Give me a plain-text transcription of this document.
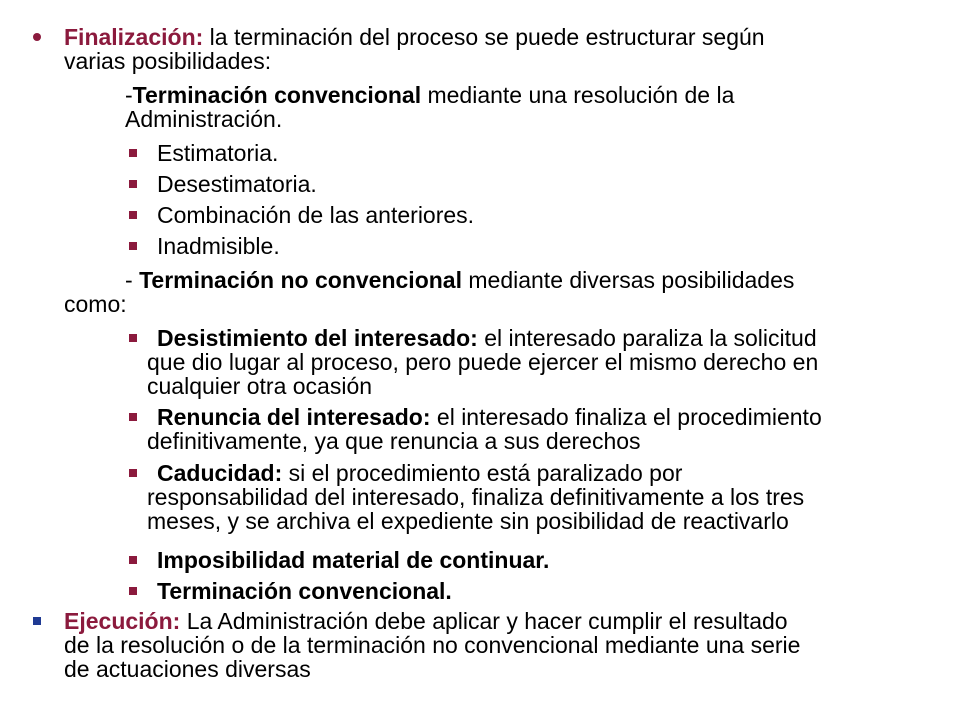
Finalización: la terminación del proceso se puede estructurar según
varias posibilidades:
-Terminación convencional mediante una resolución de la
Administración.
Estimatoria.
Desestimatoria.
Combinación de las anteriores.
Inadmisible.
- Terminación no convencional mediante diversas posibilidades
como:
Desistimiento del interesado: el interesado paraliza la solicitud
que dio lugar al proceso, pero puede ejercer el mismo derecho en
cualquier otra ocasión
Renuncia del interesado: el interesado finaliza el procedimiento
definitivamente, ya que renuncia a sus derechos
Caducidad: si el procedimiento está paralizado por
responsabilidad del interesado, finaliza definitivamente a los tres
meses, y se archiva el expediente sin posibilidad de reactivarlo
Imposibilidad material de continuar.
Terminación convencional.
Ejecución: La Administración debe aplicar y hacer cumplir el resultado
de la resolución o de la terminación no convencional mediante una serie
de actuaciones diversas
